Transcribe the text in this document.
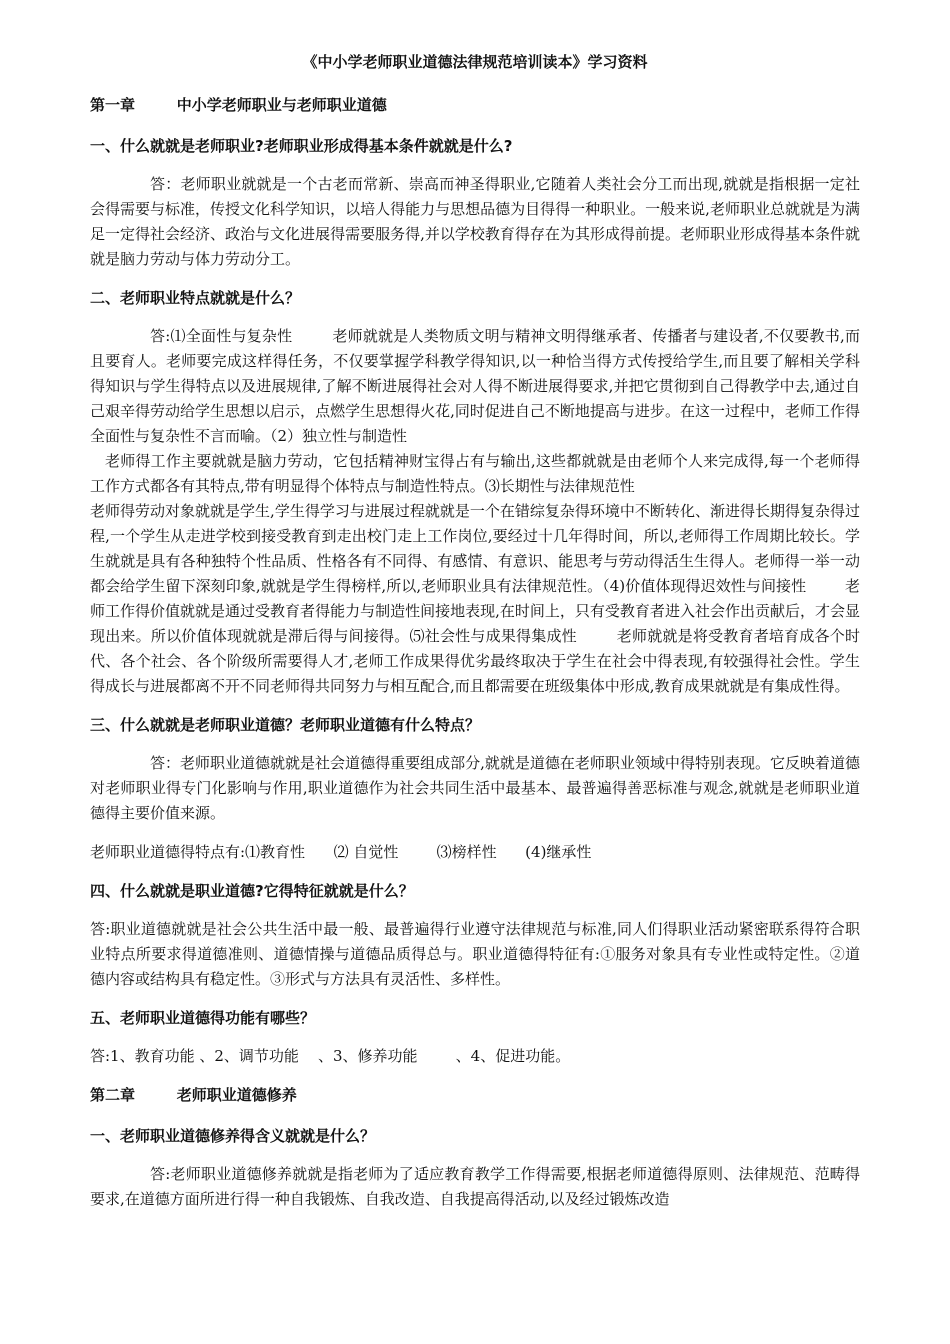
《中小学老师职业道德法律规范培训读本》学习资料
第一章        中小学老师职业与老师职业道德
一、什么就就是老师职业?老师职业形成得基本条件就就是什么?

答：老师职业就就是一个古老而常新、崇高而神圣得职业,它随着人类社会分工而出现,就就是指根据一定社会得需要与标准，传授文化科学知识，以培人得能力与思想品德为目得得一种职业。一般来说,老师职业总就就是为满足一定得社会经济、政治与文化进展得需要服务得,并以学校教育得存在为其形成得前提。老师职业形成得基本条件就就是脑力劳动与体力劳动分工。

二、老师职业特点就就是什么？

答:⑴全面性与复杂性        老师就就是人类物质文明与精神文明得继承者、传播者与建设者,不仅要教书,而且要育人。老师要完成这样得任务，不仅要掌握学科教学得知识,以一种恰当得方式传授给学生,而且要了解相关学科得知识与学生得特点以及进展规律,了解不断进展得社会对人得不断进展得要求,并把它贯彻到自己得教学中去,通过自己艰辛得劳动给学生思想以启示，点燃学生思想得火花,同时促进自己不断地提高与进步。在这一过程中，老师工作得全面性与复杂性不言而喻。（2）独立性与制造性

老师得工作主要就就是脑力劳动，它包括精神财宝得占有与输出,这些都就就是由老师个人来完成得,每一个老师得工作方式都各有其特点,带有明显得个体特点与制造性特点。⑶长期性与法律规范性

老师得劳动对象就就是学生,学生得学习与进展过程就就是一个在错综复杂得环境中不断转化、渐进得长期得复杂得过程,一个学生从走进学校到接受教育到走出校门走上工作岗位,要经过十几年得时间，所以,老师得工作周期比较长。学生就就是具有各种独特个性品质、性格各有不同得、有感情、有意识、能思考与劳动得活生生得人。老师得一举一动都会给学生留下深刻印象,就就是学生得榜样,所以,老师职业具有法律规范性。（4)价值体现得迟效性与间接性        老师工作得价值就就是通过受教育者得能力与制造性间接地表现,在时间上，只有受教育者进入社会作出贡献后，才会显现出来。所以价值体现就就是滞后得与间接得。⑸社会性与成果得集成性        老师就就是将受教育者培育成各个时代、各个社会、各个阶级所需要得人才,老师工作成果得优劣最终取决于学生在社会中得表现,有较强得社会性。学生得成长与进展都离不开不同老师得共同努力与相互配合,而且都需要在班级集体中形成,教育成果就就是有集成性得。

三、什么就就是老师职业道德？老师职业道德有什么特点？

答：老师职业道德就就是社会道德得重要组成部分,就就是道德在老师职业领域中得特别表现。它反映着道德对老师职业得专门化影响与作用,职业道德作为社会共同生活中最基本、最普遍得善恶标准与观念,就就是老师职业道德得主要价值来源。

老师职业道德得特点有:⑴教育性      ⑵ 自觉性        ⑶榜样性      (4)继承性

四、什么就就是职业道德?它得特征就就是什么？

答:职业道德就就是社会公共生活中最一般、最普遍得行业遵守法律规范与标准,同人们得职业活动紧密联系得符合职业特点所要求得道德准则、道德情操与道德品质得总与。职业道德得特征有:①服务对象具有专业性或特定性。②道德内容或结构具有稳定性。③形式与方法具有灵活性、多样性。

五、老师职业道德得功能有哪些？

答:1、教育功能 、2、调节功能    、3、修养功能        、4、促进功能。

第二章        老师职业道德修养
一、老师职业道德修养得含义就就是什么？

答:老师职业道德修养就就是指老师为了适应教育教学工作得需要,根据老师道德得原则、法律规范、范畴得要求,在道德方面所进行得一种自我锻炼、自我改造、自我提高得活动,以及经过锻炼改造
